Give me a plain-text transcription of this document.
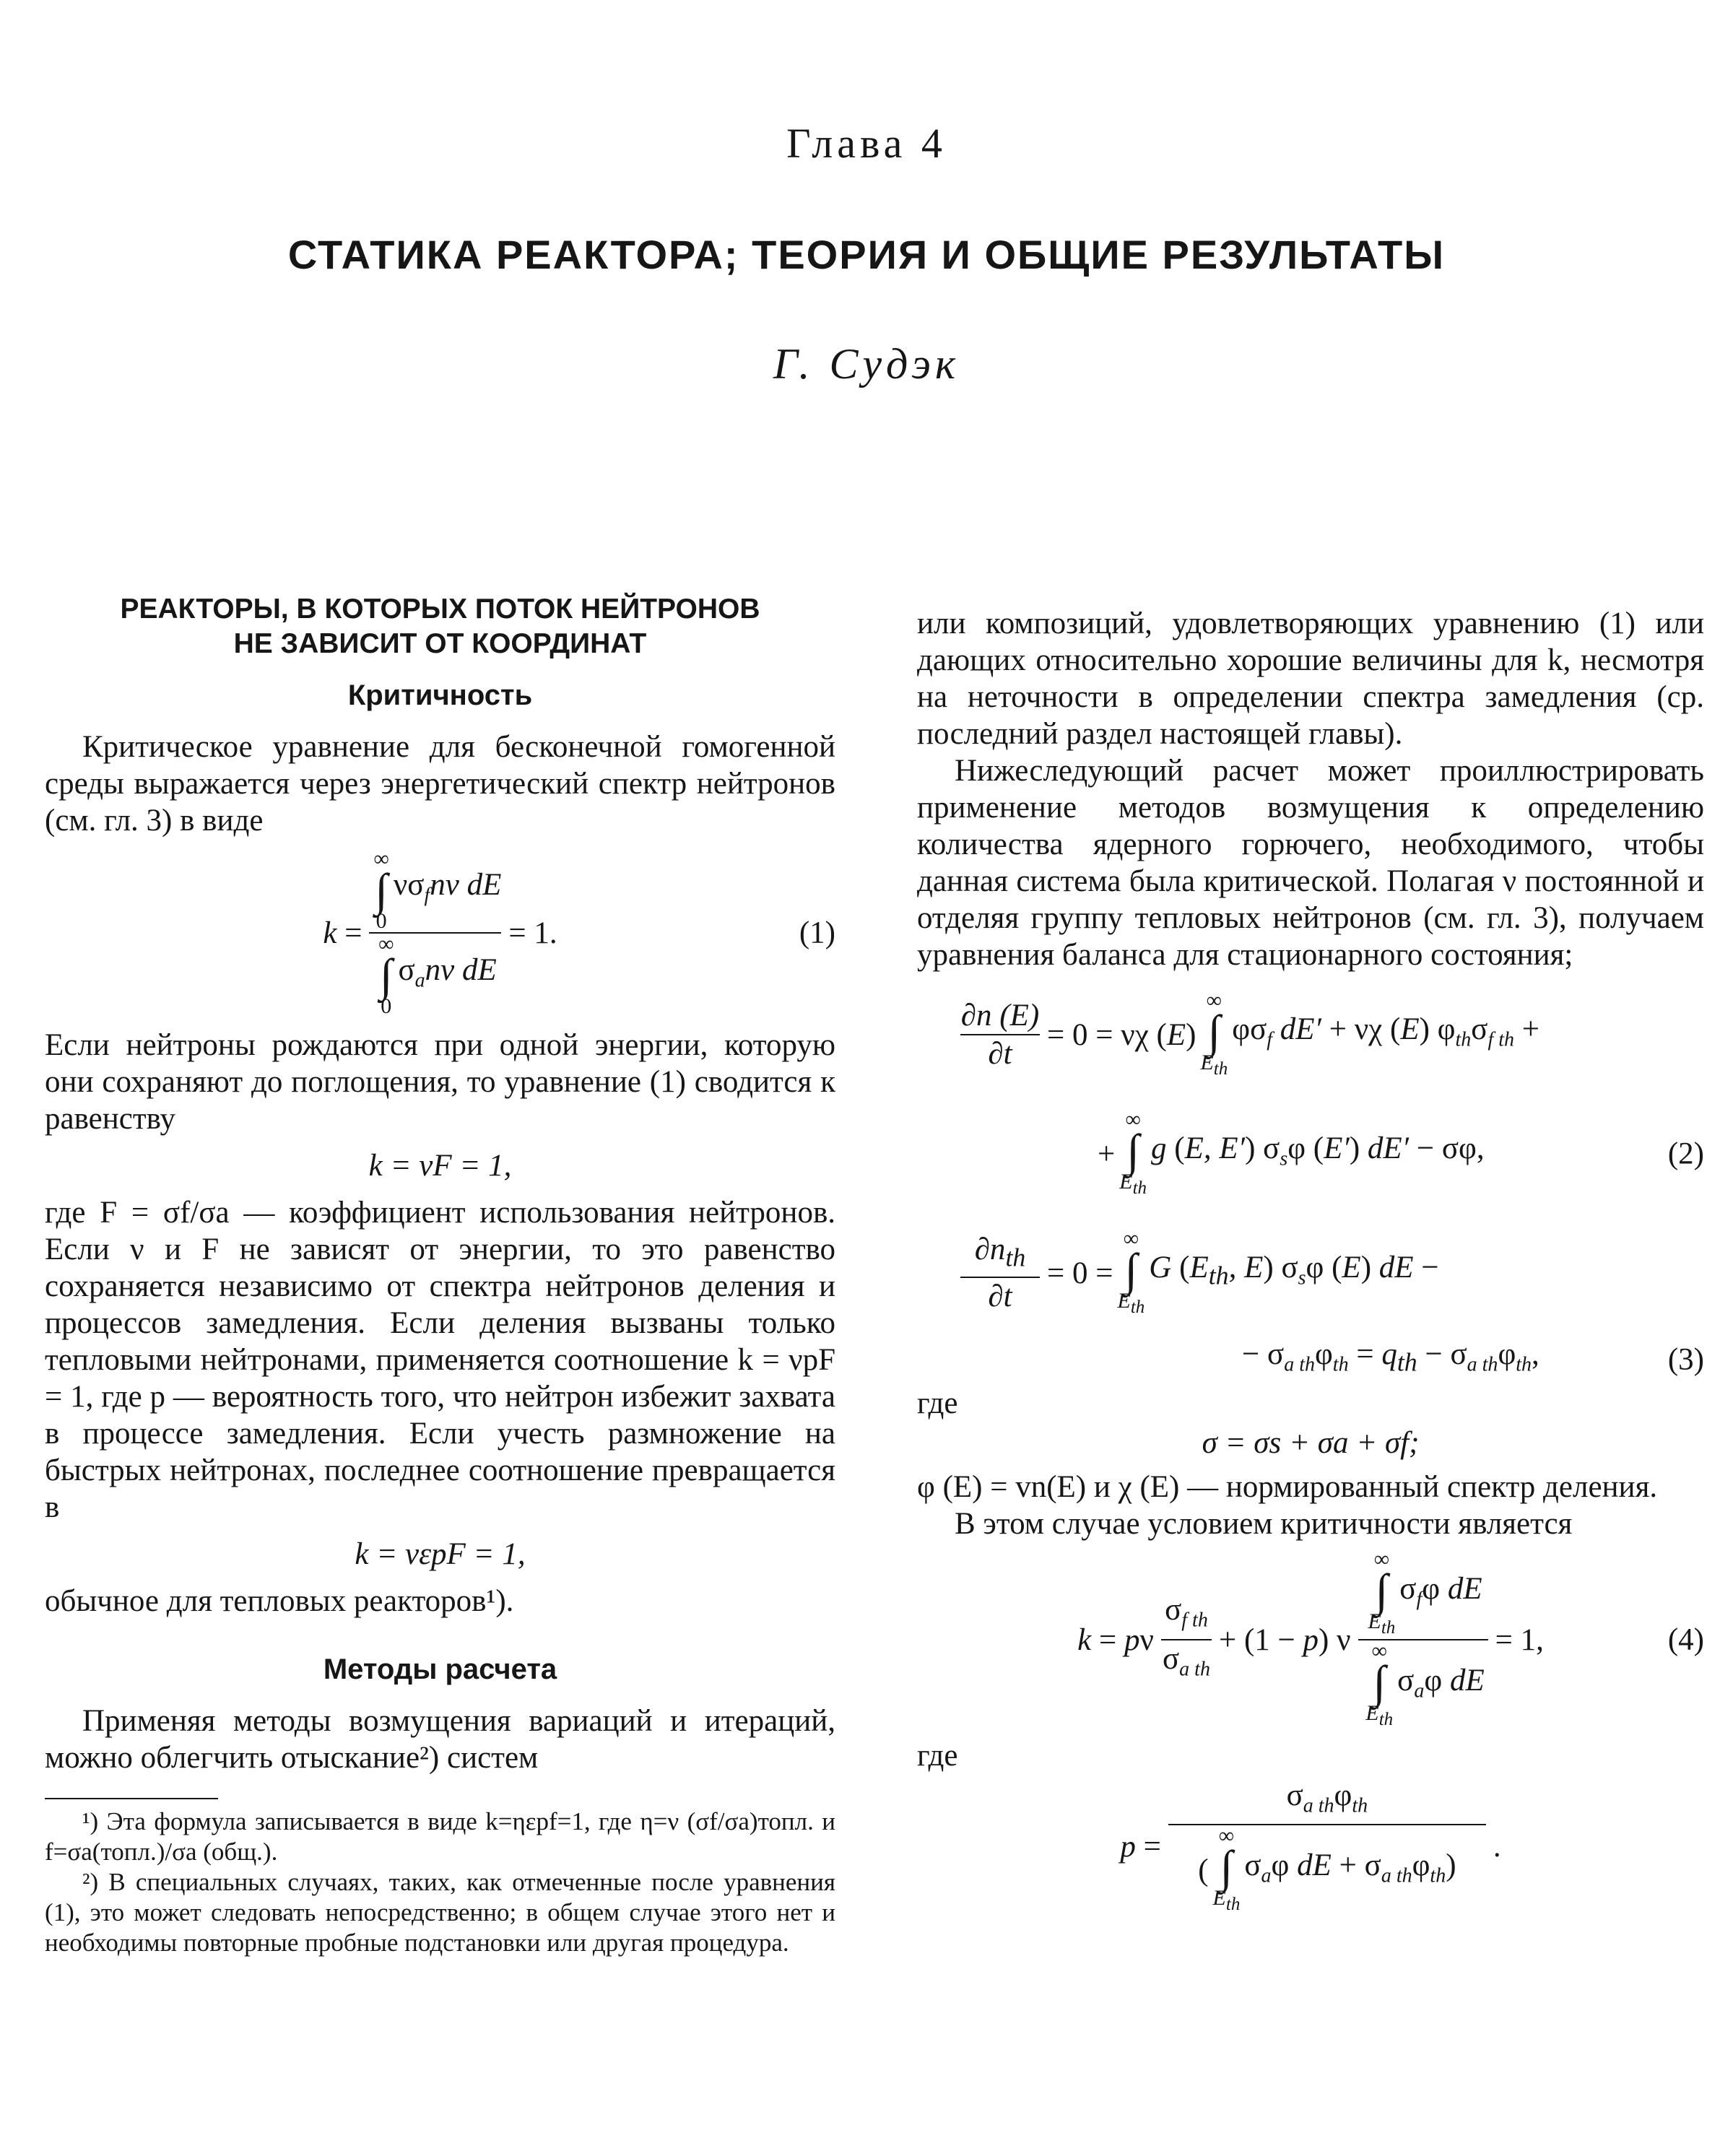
Глава 4
СТАТИКА РЕАКТОРА; ТЕОРИЯ И ОБЩИЕ РЕЗУЛЬТАТЫ
Г. Судэк
РЕАКТОРЫ, В КОТОРЫХ ПОТОК НЕЙТРОНОВ
НЕ ЗАВИСИТ ОТ КООРДИНАТ
Критичность

Критическое уравнение для бесконечной гомогенной среды выражается через энергетический спектр нейтронов (см. гл. 3) в виде

k = ∞
∫
0
$\nu\sigma_fnv$ dE
∞
∫
0
$\sigma_anv$ dE = 1.	(1)

Если нейтроны рождаются при одной энергии, которую они сохраняют до поглощения, то уравнение (1) сводится к равенству

k = νF = 1,

где F = σf/σa — коэффициент использования нейтронов. Если ν и F не зависят от энергии, то это равенство сохраняется независимо от спектра нейтронов деления и процессов замедления. Если деления вызваны только тепловыми нейтронами, применяется соотношение k = νpF = 1, где p — вероятность того, что нейтрон избежит захвата в процессе замедления. Если учесть размножение на быстрых нейтронах, последнее соотношение превращается в

k = νεpF = 1,

обычное для тепловых реакторов¹).

Методы расчета

Применяя методы возмущения вариаций и итераций, можно облегчить отыскание²) систем

¹) Эта формула записывается в виде k=ηεpf=1, где η=ν (σf/σa)топл. и f=σa(топл.)/σa (общ.).

²) В специальных случаях, таких, как отмеченные после уравнения (1), это может следовать непосредственно; в общем случае этого нет и необходимы повторные пробные подстановки или другая процедура.

или композиций, удовлетворяющих уравнению (1) или дающих относительно хорошие величины для k, несмотря на неточности в определении спектра замедления (ср. последний раздел настоящей главы).

Нижеследующий расчет может проиллюстрировать применение методов возмущения к определению количества ядерного горючего, необходимого, чтобы данная система была критической. Полагая ν постоянной и отделяя группу тепловых нейтронов (см. гл. 3), получаем уравнения баланса для стационарного состояния;

$\frac{\partial n (E)}{\partial t} = 0 = \nu\chi$ (E)
∞
∫
$E_{th}$
$\varphi\sigma_f$ dE′ + νχ (E) $\varphi_{th}\sigma_{f th}$ +
+
∞
∫
$E_{th}$
g (E, E′) $\sigma_s\varphi$ (E′) dE′ − σφ,	(2)
$\frac{\partial n_{th}}{\partial t} = 0$ =
∞
∫
$E_{th}$
G ($E_{th}$, E) $\sigma_s\varphi$ (E) dE −
− $\sigma_{a th}\varphi_{th} = q_{th} - \sigma_{a th}\varphi_{th}$,	(3)

где

σ = σs + σa + σf;

φ (E) = vn(E) и χ (E) — нормированный спектр деления.

В этом случае условием критичности является

k = pν $\frac{\sigma_{f th}}{\sigma_{a th}} + (1 - p)$ ν ∞
∫
$E_{th}$
$\sigma_f\varphi$ dE
∞
∫
$E_{th}$
$\sigma_a\varphi$ dE = 1,	(4)

где

$p = \sigma_{a th}\varphi_{th}$
(
∞
∫
$E_{th}$
$\sigma_a\varphi$ dE + $\sigma_{a th}\varphi_{th}$) .
